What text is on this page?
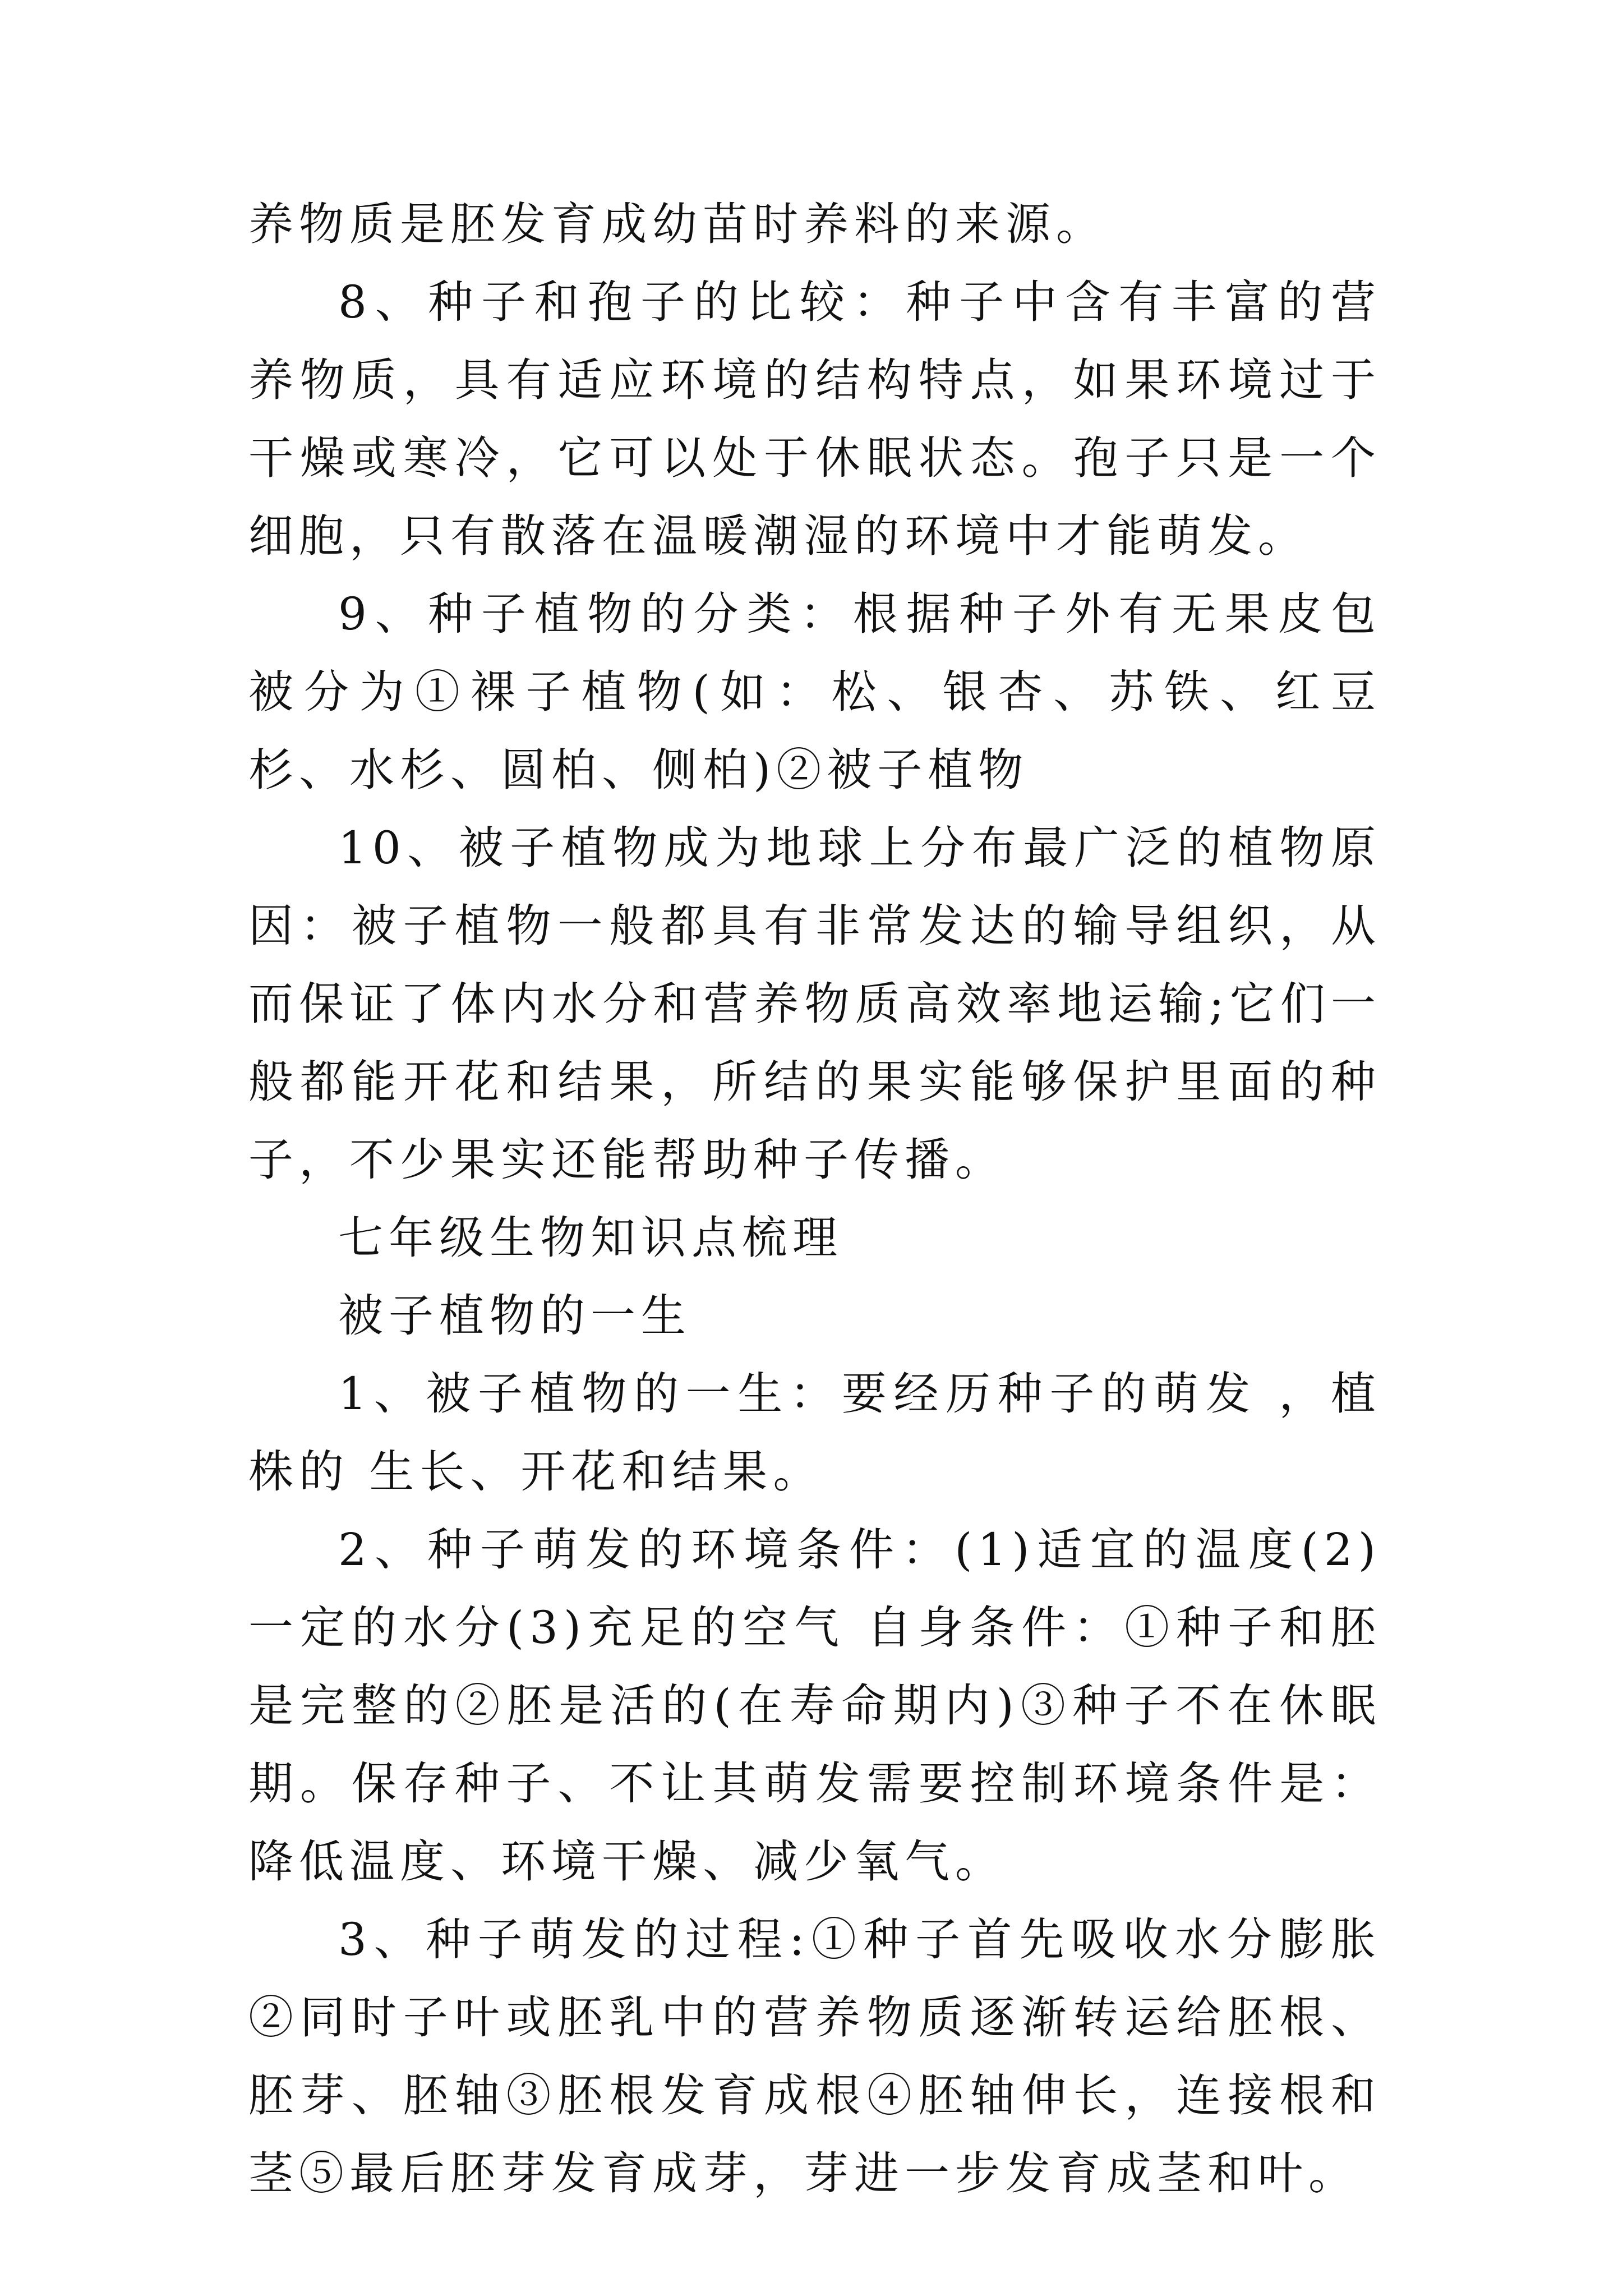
养物质是胚发育成幼苗时养料的来源。

8、种子和孢子的比较：种子中含有丰富的营养物质，具有适应环境的结构特点，如果环境过于干燥或寒冷，它可以处于休眠状态。孢子只是一个细胞，只有散落在温暖潮湿的环境中才能萌发。

9、种子植物的分类：根据种子外有无果皮包被分为①裸子植物(如：松、银杏、苏铁、红豆杉、水杉、圆柏、侧柏)②被子植物

10、被子植物成为地球上分布最广泛的植物原因：被子植物一般都具有非常发达的输导组织，从而保证了体内水分和营养物质高效率地运输;它们一般都能开花和结果，所结的果实能够保护里面的种子，不少果实还能帮助种子传播。

七年级生物知识点梳理

被子植物的一生

1、被子植物的一生：要经历种子的萌发 ，植株的 生长、开花和结果。

2、种子萌发的环境条件：(1)适宜的温度(2)一定的水分(3)充足的空气 自身条件：①种子和胚是完整的②胚是活的(在寿命期内)③种子不在休眠期。保存种子、不让其萌发需要控制环境条件是：降低温度、环境干燥、减少氧气。

3、种子萌发的过程:①种子首先吸收水分膨胀②同时子叶或胚乳中的营养物质逐渐转运给胚根、胚芽、胚轴③胚根发育成根④胚轴伸长，连接根和茎⑤最后胚芽发育成芽，芽进一步发育成茎和叶。
